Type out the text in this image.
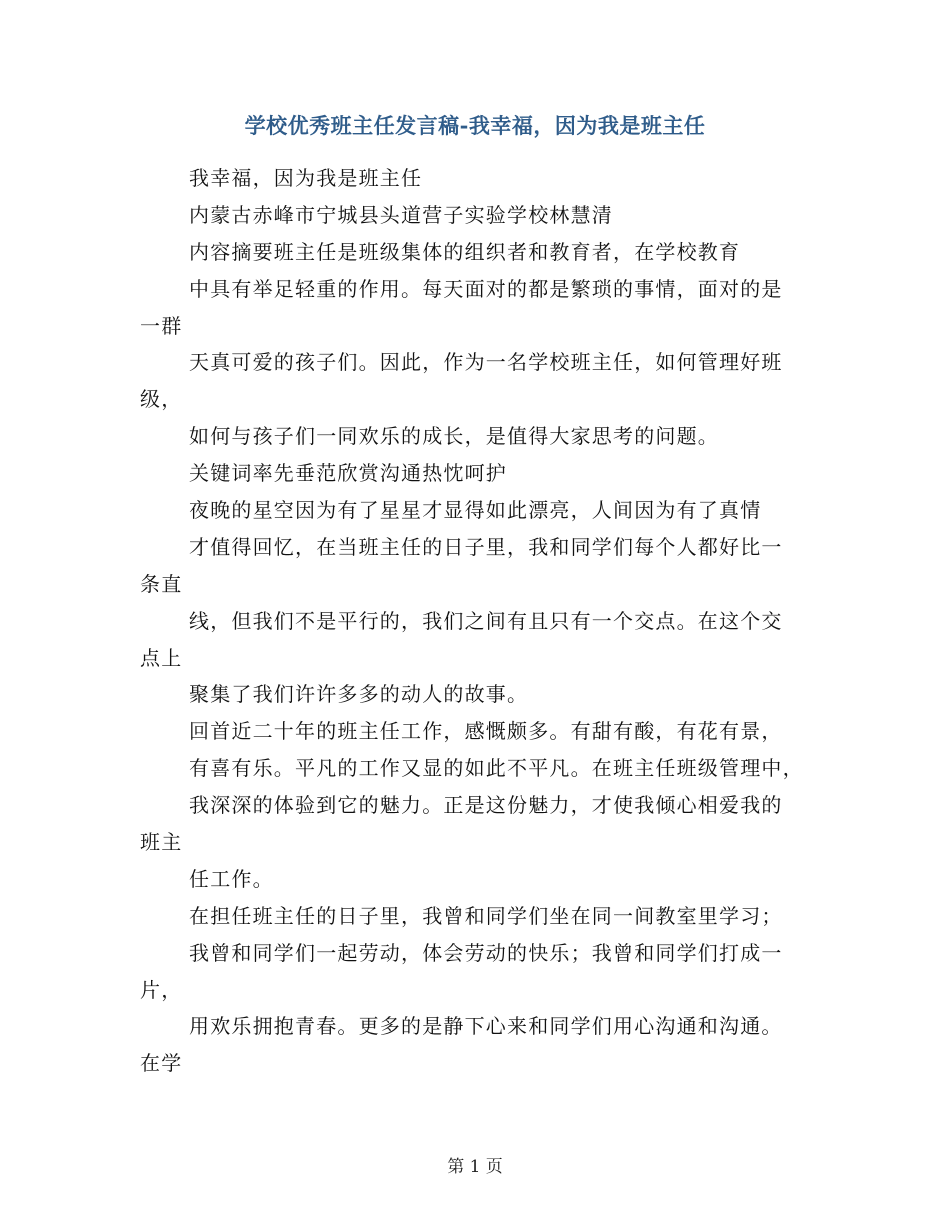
学校优秀班主任发言稿-我幸福，因为我是班主任
我幸福，因为我是班主任
内蒙古赤峰市宁城县头道营子实验学校林慧清
内容摘要班主任是班级集体的组织者和教育者，在学校教育
中具有举足轻重的作用。每天面对的都是繁琐的事情，面对的是
一群
天真可爱的孩子们。因此，作为一名学校班主任，如何管理好班
级，
如何与孩子们一同欢乐的成长，是值得大家思考的问题。
关键词率先垂范欣赏沟通热忱呵护
夜晚的星空因为有了星星才显得如此漂亮，人间因为有了真情
才值得回忆，在当班主任的日子里，我和同学们每个人都好比一
条直
线，但我们不是平行的，我们之间有且只有一个交点。在这个交
点上
聚集了我们许许多多的动人的故事。
回首近二十年的班主任工作，感慨颇多。有甜有酸，有花有景，
有喜有乐。平凡的工作又显的如此不平凡。在班主任班级管理中，
我深深的体验到它的魅力。正是这份魅力，才使我倾心相爱我的
班主
任工作。
在担任班主任的日子里，我曾和同学们坐在同一间教室里学习；
我曾和同学们一起劳动，体会劳动的快乐；我曾和同学们打成一
片，
用欢乐拥抱青春。更多的是静下心来和同学们用心沟通和沟通。
在学
第 1 页
